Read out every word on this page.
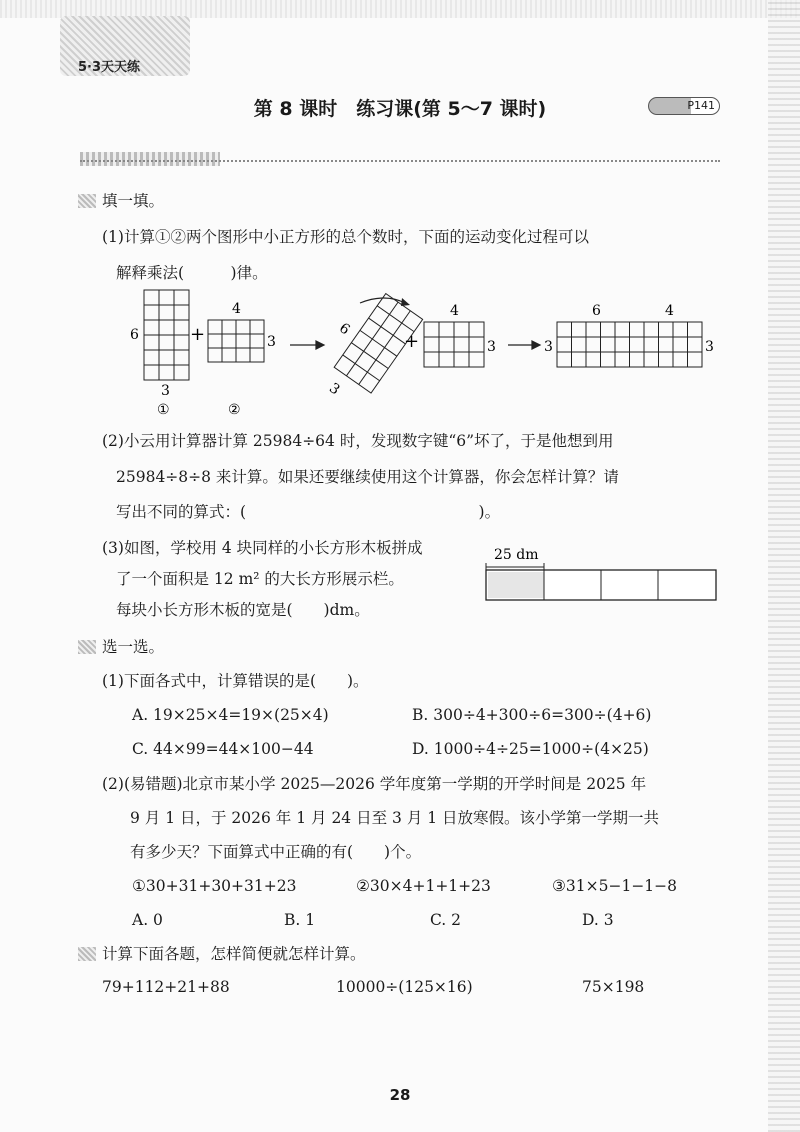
5·3天天练
第 8 课时　练习课(第 5～7 课时)	P141
填一填。
(1)计算①②两个图形中小正方形的总个数时，下面的运动变化过程可以
解释乘法(　　　)律。
6
3
①
+
4
3
②
6
3
+
4
3	3
6	4
3
(2)小云用计算器计算 25984÷64 时，发现数字键“6”坏了，于是他想到用
25984÷8÷8 来计算。如果还要继续使用这个计算器，你会怎样计算？请
写出不同的算式：(　　　　　　　　　　　　　　　)。
(3)如图，学校用 4 块同样的小长方形木板拼成
了一个面积是 12 m² 的大长方形展示栏。
每块小长方形木板的宽是(　　)dm。
25 dm
选一选。
(1)下面各式中，计算错误的是(　　)。
A. 19×25×4=19×(25×4)	B. 300÷4+300÷6=300÷(4+6)
C. 44×99=44×100−44	D. 1000÷4÷25=1000÷(4×25)
(2)(易错题)北京市某小学 2025—2026 学年度第一学期的开学时间是 2025 年
9 月 1 日，于 2026 年 1 月 24 日至 3 月 1 日放寒假。该小学第一学期一共
有多少天？下面算式中正确的有(　　)个。
①30+31+30+31+23	②30×4+1+1+23	③31×5−1−1−8
A. 0	B. 1	C. 2	D. 3
计算下面各题，怎样简便就怎样计算。
79+112+21+88	10000÷(125×16)	75×198
28
